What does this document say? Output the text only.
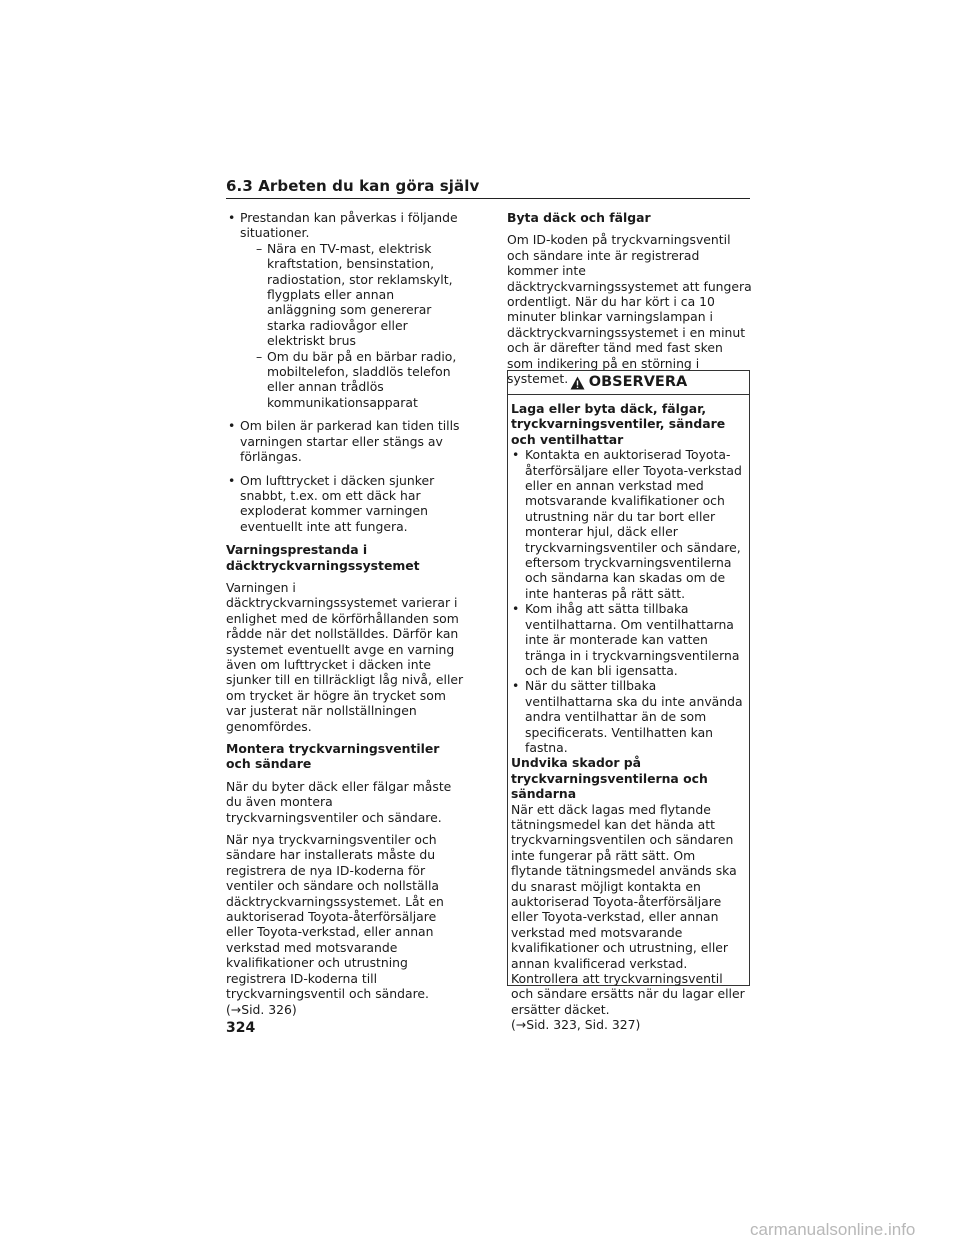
6.3 Arbeten du kan göra själv
• Prestandan kan påverkas i följande situationer.
– Nära en TV-mast, elektrisk kraftstation, bensinstation, radiostation, stor reklamskylt, flygplats eller annan anläggning som genererar starka radiovågor eller elektriskt brus
– Om du bär på en bärbar radio, mobiltelefon, sladdlös telefon eller annan trådlös kommunikationsapparat
• Om bilen är parkerad kan tiden tills varningen startar eller stängs av förlängas.
• Om lufttrycket i däcken sjunker snabbt, t.ex. om ett däck har exploderat kommer varningen eventuellt inte att fungera.
Varningsprestanda i däcktryckvarningssystemet
Varningen i däcktryckvarningssystemet varierar i enlighet med de körförhållanden som rådde när det nollställdes. Därför kan systemet eventuellt avge en varning även om lufttrycket i däcken inte sjunker till en tillräckligt låg nivå, eller om trycket är högre än trycket som var justerat när nollställningen genomfördes.
Montera tryckvarningsventiler och sändare
När du byter däck eller fälgar måste du även montera tryckvarningsventiler och sändare.
När nya tryckvarningsventiler och sändare har installerats måste du registrera de nya ID-koderna för ventiler och sändare och nollställa däcktryckvarningssystemet. Låt en auktoriserad Toyota-återförsäljare eller Toyota-verkstad, eller annan verkstad med motsvarande kvalifikationer och utrustning registrera ID-koderna till tryckvarningsventil och sändare.
(→Sid. 326)
Byta däck och fälgar
Om ID-koden på tryckvarningsventil och sändare inte är registrerad kommer inte däcktryckvarningssystemet att fungera ordentligt. När du har kört i ca 10 minuter blinkar varningslampan i däcktryckvarningssystemet i en minut och är därefter tänd med fast sken som indikering på en störning i systemet.	OBSERVERA
Laga eller byta däck, fälgar, tryckvarningsventiler, sändare och ventilhattar
• Kontakta en auktoriserad Toyota-återförsäljare eller Toyota-verkstad eller en annan verkstad med motsvarande kvalifikationer och utrustning när du tar bort eller monterar hjul, däck eller tryckvarningsventiler och sändare, eftersom tryckvarningsventilerna och sändarna kan skadas om de inte hanteras på rätt sätt.
• Kom ihåg att sätta tillbaka ventilhattarna. Om ventilhattarna inte är monterade kan vatten tränga in i tryckvarningsventilerna och de kan bli igensatta.
• När du sätter tillbaka ventilhattarna ska du inte använda andra ventilhattar än de som specificerats. Ventilhatten kan fastna.
Undvika skador på tryckvarningsventilerna och sändarna
När ett däck lagas med flytande tätningsmedel kan det hända att tryckvarningsventilen och sändaren inte fungerar på rätt sätt. Om flytande tätningsmedel används ska du snarast möjligt kontakta en auktoriserad Toyota-återförsäljare eller Toyota-verkstad, eller annan verkstad med motsvarande kvalifikationer och utrustning, eller annan kvalificerad verkstad. Kontrollera att tryckvarningsventil och sändare ersätts när du lagar eller ersätter däcket.
(→Sid. 323, Sid. 327)
324
carmanualsonline.info
